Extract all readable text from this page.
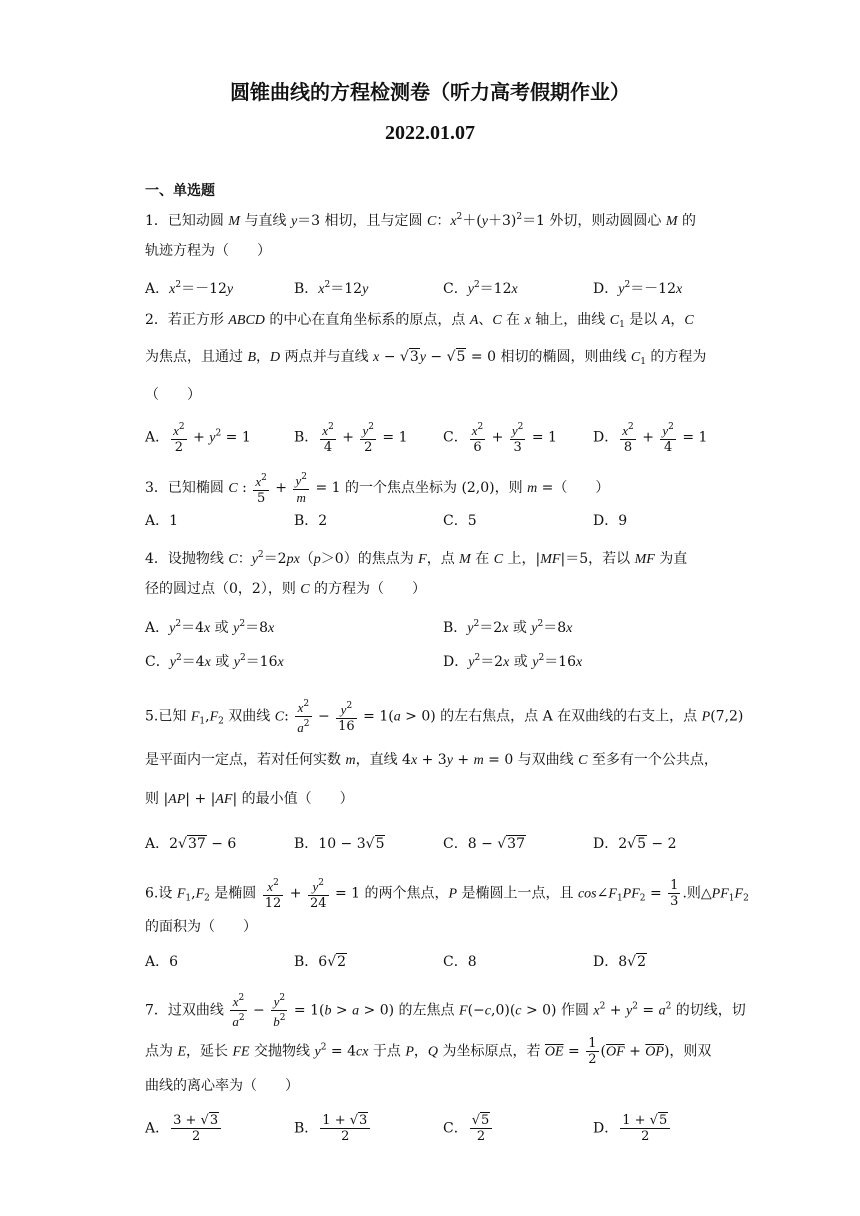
圆锥曲线的方程检测卷（听力高考假期作业）
2022.01.07
一、单选题
1．已知动圆 M 与直线 y＝3 相切，且与定圆 C：$x^2+(y+3)^2=1$ 外切，则动圆圆心 M 的
轨迹方程为（　　）
A．$x^2=-12y$	B．$x^2=12y$	C．$y^2=12x$	D．$y^2=-12x$
2．若正方形 ABCD 的中心在直角坐标系的原点，点 A、C 在 x 轴上，曲线 $C_1$ 是以 A，C
为焦点，且通过 B，D 两点并与直线 x − √3y − √5 = 0 相切的椭圆，则曲线 $C_1$ 的方程为
（　　）
A． $\frac{x^2}{2} + y^2 = 1$	B． $\frac{x^2}{4} + \frac{y^2}{2} = 1$	C． $\frac{x^2}{6} + \frac{y^2}{3} = 1$	D． $\frac{x^2}{8} + \frac{y^2}{4} = 1$
3．已知椭圆 C : $\frac{x^2}{5} + \frac{y^2}{m} = 1$ 的一个焦点坐标为 (2,0)，则 m =（　　）
A．1	B．2	C．5	D．9
4．设抛物线 C：$y^2=2px(p>0)$的焦点为 F，点 M 在 C 上，|MF|＝5，若以 MF 为直
径的圆过点（0，2），则 C 的方程为（　　）
A．$y^2=4x$ 或 $y^2=8x$	B．$y^2=2x$ 或 $y^2=8x$
C．$y^2=4x$ 或 $y^2=16x$	D．$y^2=2x$ 或 $y^2=16x$
5.已知 $F_1,F_2$ 双曲线 C: $\frac{x^2}{a^2} - \frac{y^2}{16} = 1(a > 0)$ 的左右焦点，点 A 在双曲线的右支上，点 P(7,2)
是平面内一定点，若对任何实数 m，直线 4x + 3y + m = 0 与双曲线 C 至多有一个公共点，
则 |AP| + |AF| 的最小值（　　）
A．2√37 − 6	B．10 − 3√5	C．8 − √37	D．2√5 − 2
6.设 $F_1,F_2$ 是椭圆 $\frac{x^2}{12} + \frac{y^2}{24} = 1$ 的两个焦点，P 是椭圆上一点，且 $\cos\angle F_1PF_2 = \frac{1}{3}$ .则$\triangle PF_1F_2$
的面积为（　　）
A．6	B．6√2	C．8	D．8√2
7．过双曲线 $\frac{x^2}{a^2} - \frac{y^2}{b^2} = 1(b > a > 0)$ 的左焦点 F(−c,0)(c > 0) 作圆 $x^2 + y^2 = a^2$ 的切线，切
点为 E，延长 FE 交抛物线 $y^2 = 4cx$ 于点 P，Q 为坐标原点，若 $\overline{OE} = \frac{1}{2} (\overline{OF} + \overline{OP})$，则双
曲线的离心率为（　　）
A． $\frac{3 + √3}{2}$	B． $\frac{1 + √3}{2}$	C． $\frac{√5}{2}$	D． $\frac{1 + √5}{2}$
